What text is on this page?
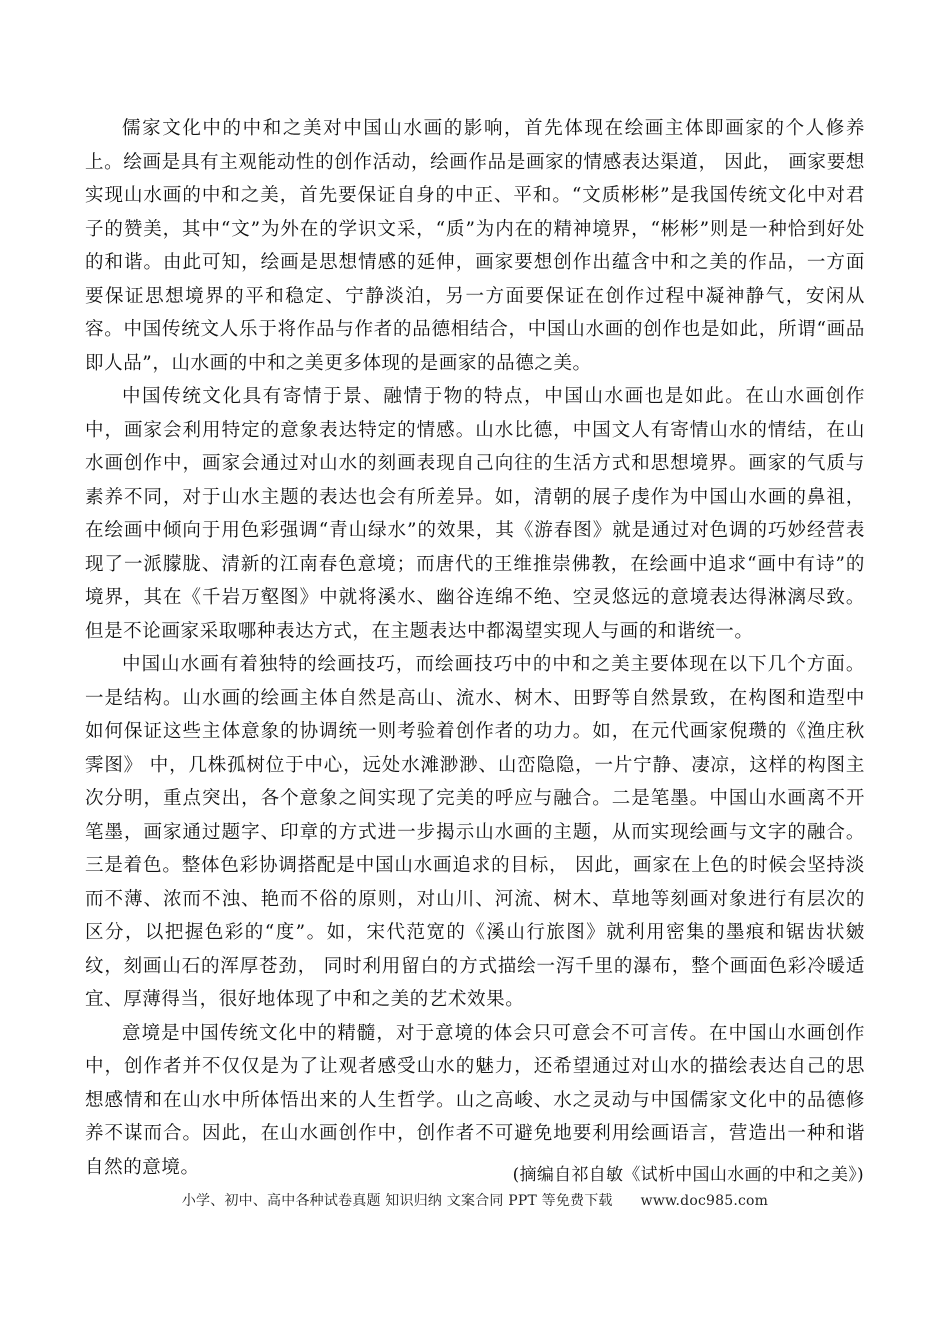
儒家文化中的中和之美对中国山水画的影响，首先体现在绘画主体即画家的个人修养上。绘画是具有主观能动性的创作活动，绘画作品是画家的情感表达渠道， 因此， 画家要想实现山水画的中和之美，首先要保证自身的中正、平和。“文质彬彬”是我国传统文化中对君子的赞美，其中“文”为外在的学识文采，“质”为内在的精神境界，“彬彬”则是一种恰到好处的和谐。由此可知，绘画是思想情感的延伸，画家要想创作出蕴含中和之美的作品，一方面要保证思想境界的平和稳定、宁静淡泊，另一方面要保证在创作过程中凝神静气，安闲从容。中国传统文人乐于将作品与作者的品德相结合，中国山水画的创作也是如此，所谓“画品即人品”，山水画的中和之美更多体现的是画家的品德之美。

中国传统文化具有寄情于景、融情于物的特点，中国山水画也是如此。在山水画创作中，画家会利用特定的意象表达特定的情感。山水比德，中国文人有寄情山水的情结，在山水画创作中，画家会通过对山水的刻画表现自己向往的生活方式和思想境界。画家的气质与素养不同，对于山水主题的表达也会有所差异。如，清朝的展子虔作为中国山水画的鼻祖，在绘画中倾向于用色彩强调“青山绿水”的效果，其《游春图》就是通过对色调的巧妙经营表现了一派朦胧、清新的江南春色意境；而唐代的王维推崇佛教，在绘画中追求“画中有诗”的境界，其在《千岩万壑图》中就将溪水、幽谷连绵不绝、空灵悠远的意境表达得淋漓尽致。但是不论画家采取哪种表达方式，在主题表达中都渴望实现人与画的和谐统一。

中国山水画有着独特的绘画技巧，而绘画技巧中的中和之美主要体现在以下几个方面。一是结构。山水画的绘画主体自然是高山、流水、树木、田野等自然景致，在构图和造型中如何保证这些主体意象的协调统一则考验着创作者的功力。如，在元代画家倪瓒的《渔庄秋霁图》 中，几株孤树位于中心，远处水滩渺渺、山峦隐隐，一片宁静、凄凉，这样的构图主次分明，重点突出，各个意象之间实现了完美的呼应与融合。二是笔墨。中国山水画离不开笔墨，画家通过题字、印章的方式进一步揭示山水画的主题，从而实现绘画与文字的融合。三是着色。整体色彩协调搭配是中国山水画追求的目标， 因此，画家在上色的时候会坚持淡而不薄、浓而不浊、艳而不俗的原则，对山川、河流、树木、草地等刻画对象进行有层次的区分，以把握色彩的“度”。如，宋代范宽的《溪山行旅图》就利用密集的墨痕和锯齿状皴纹，刻画山石的浑厚苍劲， 同时利用留白的方式描绘一泻千里的瀑布，整个画面色彩冷暖适宜、厚薄得当，很好地体现了中和之美的艺术效果。

意境是中国传统文化中的精髓，对于意境的体会只可意会不可言传。在中国山水画创作中，创作者并不仅仅是为了让观者感受山水的魅力，还希望通过对山水的描绘表达自己的思想感情和在山水中所体悟出来的人生哲学。山之高峻、水之灵动与中国儒家文化中的品德修养不谋而合。因此，在山水画创作中，创作者不可避免地要利用绘画语言，营造出一种和谐自然的意境。	(摘编自祁自敏《试析中国山水画的中和之美》)
小学、初中、高中各种试卷真题 知识归纳 文案合同 PPT 等免费下载 www.doc985.com
